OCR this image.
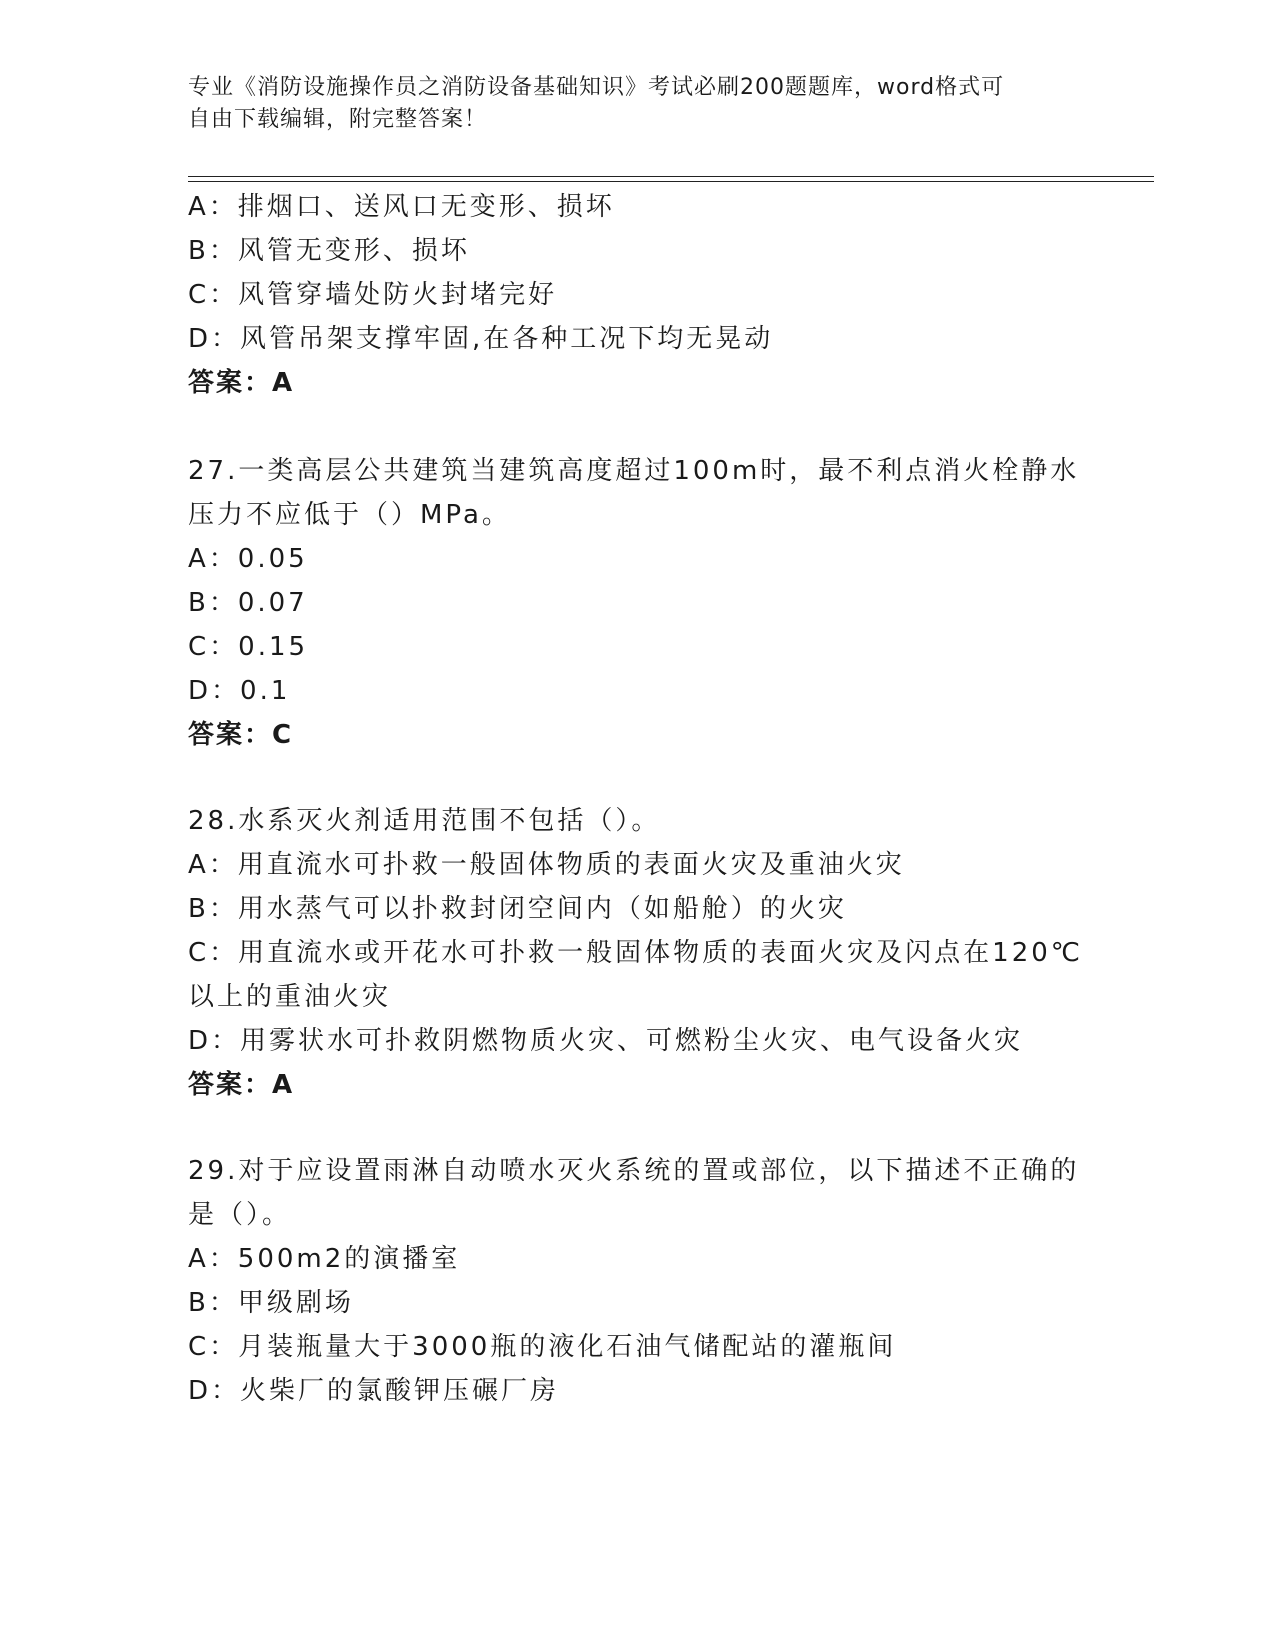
专业《消防设施操作员之消防设备基础知识》考试必刷200题题库，word格式可
自由下载编辑，附完整答案！
A：排烟口、送风口无变形、损坏
B：风管无变形、损坏
C：风管穿墙处防火封堵完好
D：风管吊架支撑牢固,在各种工况下均无晃动
答案：A
27.一类高层公共建筑当建筑高度超过100m时，最不利点消火栓静水
压力不应低于（）MPa。
A：0.05
B：0.07
C：0.15
D：0.1
答案：C
28.水系灭火剂适用范围不包括（）。
A：用直流水可扑救一般固体物质的表面火灾及重油火灾
B：用水蒸气可以扑救封闭空间内（如船舱）的火灾
C：用直流水或开花水可扑救一般固体物质的表面火灾及闪点在120℃
以上的重油火灾
D：用雾状水可扑救阴燃物质火灾、可燃粉尘火灾、电气设备火灾
答案：A
29.对于应设置雨淋自动喷水灭火系统的置或部位，以下描述不正确的
是（）。
A：500m2的演播室
B：甲级剧场
C：月装瓶量大于3000瓶的液化石油气储配站的灌瓶间
D：火柴厂的氯酸钾压碾厂房
